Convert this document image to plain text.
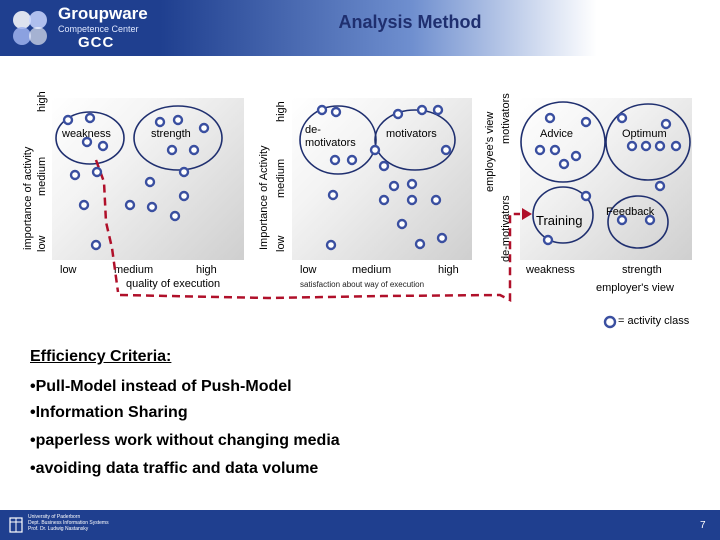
Groupware
Competence Center
GCC
Analysis Method
importance of activity
high
medium
low
low	medium	high
quality of execution
weakness	strength
Importance of Activity
high
medium
low
low	medium	high
satisfaction about way of execution
de-
motivators
motivators	employee's view motivators
de-motivators
weakness	strength
employer's view
Advice	Optimum
Training
Feedback
= activity class
Efficiency Criteria:
•Pull-Model instead of Push-Model
•Information Sharing
•paperless work without changing media
•avoiding data traffic and data volume
University of Paderborn
Dept. Business Information Systems
Prof. Dr. Ludwig Nastansky	7
